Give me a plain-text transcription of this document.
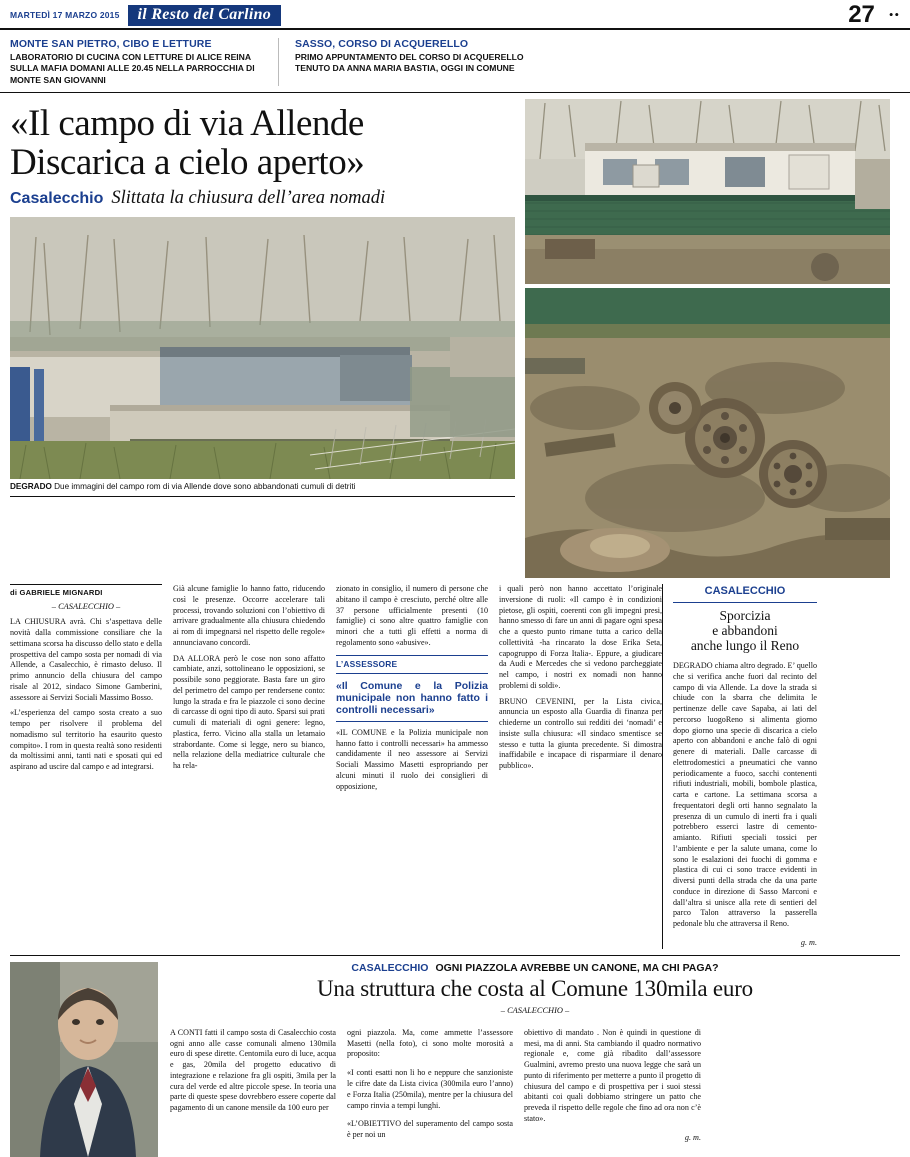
MARTEDÌ 17 MARZO 2015	il Resto del Carlino	27	••
MONTE SAN PIETRO, CIBO E LETTURE
LABORATORIO DI CUCINA CON LETTURE DI ALICE REINA SULLA MAFIA DOMANI ALLE 20.45 NELLA PARROCCHIA DI MONTE SAN GIOVANNI
SASSO, CORSO DI ACQUERELLO
PRIMO APPUNTAMENTO DEL CORSO DI ACQUERELLO TENUTO DA ANNA MARIA BASTIA, OGGI IN COMUNE
«Il campo di via Allende
Discarica a cielo aperto»
Casalecchio Slittata la chiusura dell’area nomadi
DEGRADO Due immagini del campo rom di via Allende dove sono abbandonati cumuli di detriti
di GABRIELE MIGNARDI
– CASALECCHIO –

LA CHIUSURA avrà. Chi s’aspettava delle novità dalla commissione consiliare che la settimana scorsa ha discusso dello stato e della prospettiva del campo sosta per nomadi di via Allende, a Casalecchio, è rimasto deluso. Il primo annuncio della chiusura del campo risale al 2012, sindaco Simone Gamberini, assessore ai Servizi Sociali Massimo Bosso.

«L’esperienza del campo sosta creato a suo tempo per risolvere il problema del nomadismo sul territorio ha esaurito questo compito». I rom in questa realtà sono residenti da moltissimi anni, tanti nati e sposati qui ed aspirano ad uscire dal campo e ad integrarsi.

Già alcune famiglie lo hanno fatto, riducendo così le presenze. Occorre accelerare tali processi, trovando soluzioni con l’obiettivo di arrivare gradualmente alla chiusura chiedendo ai rom di impegnarsi nel rispetto delle regole» annunciavano concordi.

DA ALLORA però le cose non sono affatto cambiate, anzi, sottolineano le opposizioni, se possibile sono peggiorate. Basta fare un giro del perimetro del campo per rendersene conto: lungo la strada e fra le piazzole ci sono decine di carcasse di ogni tipo di auto. Sparsi sui prati cumuli di materiali di ogni genere: legno, plastica, ferro. Vicino alla stalla un letamaio strabordante. Come si legge, nero su bianco, nella relazione della mediatrice culturale che ha rela-

zionato in consiglio, il numero di persone che abitano il campo è cresciuto, perché oltre alle 37 persone ufficialmente presenti (10 famiglie) ci sono altre quattro famiglie con minori che a tutti gli effetti a norma di regolamento sono «abusive».

L’ASSESSORE
«Il Comune e la Polizia municipale non hanno fatto i controlli necessari»

«IL COMUNE e la Polizia municipale non hanno fatto i controlli necessari» ha ammesso candidamente il neo assessore ai Servizi Sociali Massimo Masetti espropriando per alcuni minuti il ruolo dei consiglieri di opposizione,

i quali però non hanno accettato l’originale inversione di ruoli: «Il campo è in condizioni pietose, gli ospiti, coerenti con gli impegni presi, hanno smesso di fare un anni di pagare ogni spesa che a questo punto rimane tutta a carico della collettività -ha rincarato la dose Erika Seta, capogruppo di Forza Italia-. Eppure, a giudicare da Audi e Mercedes che si vedono parcheggiate nel campo, i nostri ex nomadi non hanno problemi di soldi».

BRUNO CEVENINI, per la Lista civica, annuncia un esposto alla Guardia di finanza per chiederne un controllo sui redditi dei ‘nomadi’ e insiste sulla chiusura: «Il sindaco smentisce se stesso e tutta la giunta precedente. Si dimostra inaffidabile e incapace di risparmiare il denaro pubblico».

CASALECCHIO
Sporcizia
e abbandoni
anche lungo il Reno

DEGRADO chiama altro degrado. E’ quello che si verifica anche fuori dal recinto del campo di via Allende. La dove la strada si chiude con la sbarra che delimita le pertinenze delle cave Sapaba, ai lati del percorso luogoReno si alimenta giorno dopo giorno una specie di discarica a cielo aperto con abbandoni e anche falò di ogni genere di materiali. Dalle carcasse di elettrodomestici a pneumatici che vanno periodicamente a fuoco, sacchi contenenti rifiuti industriali, mobili, bombole plastica, carta e cartone. La settimana scorsa a frequentatori degli orti hanno segnalato la presenza di un cumulo di inerti fra i quali potrebbero esserci lastre di cemento-amianto. Rifiuti speciali tossici per l’ambiente e per la salute umana, come lo sono le esalazioni dei fuochi di gomma e plastica di cui ci sono tracce evidenti in diversi punti della strada che da una parte conduce in direzione di Sasso Marconi e dall’altra si unisce alla rete di sentieri del parco Talon attraverso la passerella pedonale blu che attraversa il Reno.

g. m.
CASALECCHIO OGNI PIAZZOLA AVREBBE UN CANONE, MA CHI PAGA?
Una struttura che costa al Comune 130mila euro
– CASALECCHIO –

A CONTI fatti il campo sosta di Casalecchio costa ogni anno alle casse comunali almeno 130mila euro di spese dirette. Centomila euro di luce, acqua e gas, 20mila del progetto educativo di integrazione e relazione fra gli ospiti, 3mila per la cura del verde ed altre piccole spese. In teoria una parte di queste spese dovrebbero essere coperte dal pagamento di un canone mensile da 100 euro per

ogni piazzola. Ma, come ammette l’assessore Masetti (nella foto), ci sono molte morosità a proposito:

«I conti esatti non li ho e neppure che sanzioniste le cifre date da Lista civica (300mila euro l’anno) e Forza Italia (250mila), mentre per la chiusura del campo rinvia a tempi lunghi.

«L’OBIETTIVO del superamento del campo sosta è per noi un

obiettivo di mandato . Non è quindi in questione di mesi, ma di anni. Sta cambiando il quadro normativo regionale e, come già ribadito dall’assessore Gualmini, avremo presto una nuova legge che sarà un punto di riferimento per metterre a punto il progetto di chiusura del campo e di prospettiva per i suoi stessi abitanti coi quali dobbiamo stringere un patto che preveda il rispetto delle regole che fino ad ora non c’è stato».

g. m.
